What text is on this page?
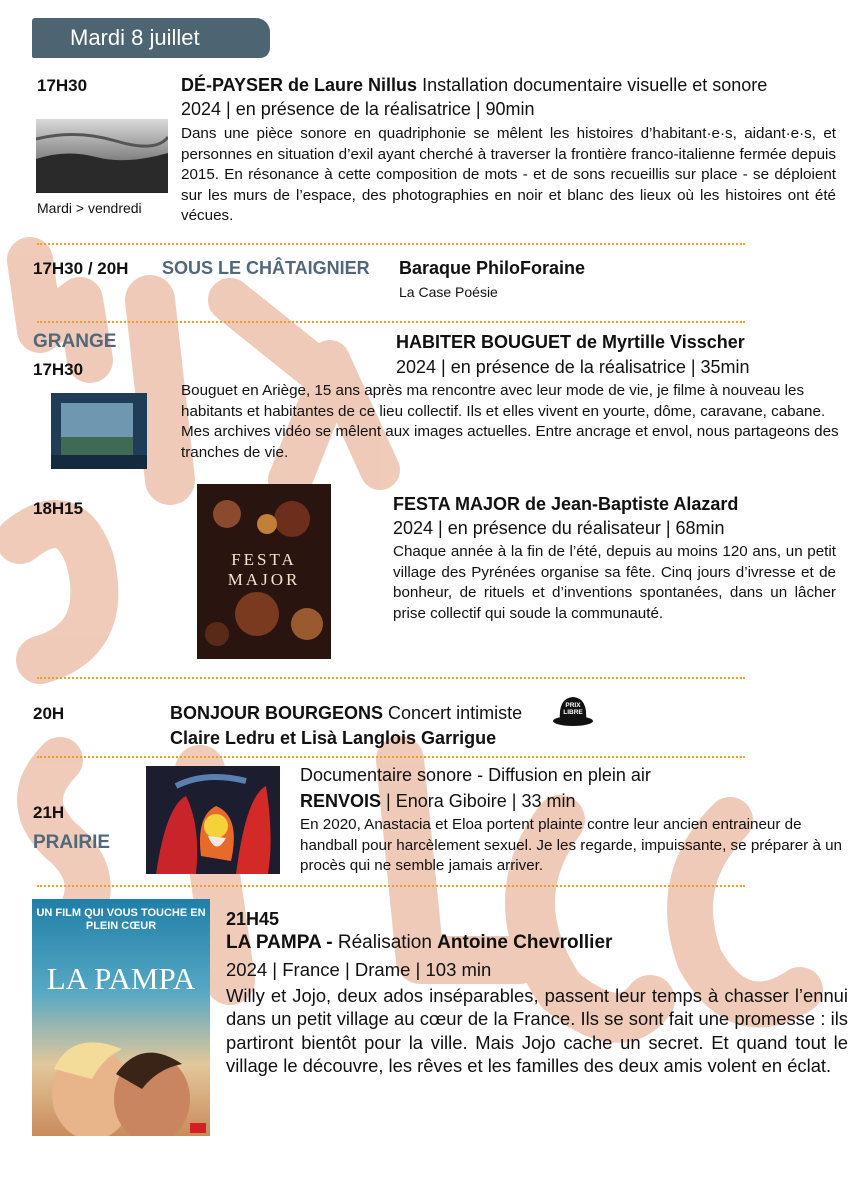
Mardi 8 juillet
17H30	DÉ-PAYSER de Laure Nillus Installation documentaire visuelle et sonore
2024 | en présence de la réalisatrice | 90min
Mardi > vendredi
Dans une pièce sonore en quadriphonie se mêlent les histoires d’habitant·e·s, aidant·e·s, et personnes en situation d’exil ayant cherché à traverser la frontière franco-italienne fermée depuis 2015. En résonance à cette composition de mots - et de sons recueillis sur place - se déploient sur les murs de l’espace, des photographies en noir et blanc des lieux où les histoires ont été vécues.
17H30 / 20H SOUS LE CHÂTAIGNIER Baraque PhiloForaine
La Case Poésie
GRANGE
17H30
HABITER BOUGUET de Myrtille Visscher
2024 | en présence de la réalisatrice | 35min
Bouguet en Ariège, 15 ans après ma rencontre avec leur mode de vie, je filme à nouveau les habitants et habitantes de ce lieu collectif. Ils et elles vivent en yourte, dôme, caravane, cabane. Mes archives vidéo se mêlent aux images actuelles. Entre ancrage et envol, nous partageons des tranches de vie.
18H15
FESTA MAJOR
FESTA MAJOR de Jean-Baptiste Alazard
2024 | en présence du réalisateur | 68min
Chaque année à la fin de l’été, depuis au moins 120 ans, un petit village des Pyrénées organise sa fête. Cinq jours d’ivresse et de bonheur, de rituels et d’inventions spontanées, dans un lâcher prise collectif qui soude la communauté.
20H	BONJOUR BOURGEONS Concert intimiste	PRIX LIBRE
Claire Ledru et Lisà Langlois Garrigue
Documentaire sonore - Diffusion en plein air
RENVOIS | Enora Giboire | 33 min
21H
PRAIRIE
En 2020, Anastacia et Eloa portent plainte contre leur ancien entraineur de handball pour harcèlement sexuel. Je les regarde, impuissante, se préparer à un procès qui ne semble jamais arriver.
UN FILM QUI VOUS TOUCHE EN PLEIN CŒUR
LA PAMPA
21H45
LA PAMPA - Réalisation Antoine Chevrollier
2024 | France | Drame | 103 min
Willy et Jojo, deux ados inséparables, passent leur temps à chasser l’ennui dans un petit village au cœur de la France. Ils se sont fait une promesse : ils partiront bientôt pour la ville. Mais Jojo cache un secret. Et quand tout le village le découvre, les rêves et les familles des deux amis volent en éclat.
